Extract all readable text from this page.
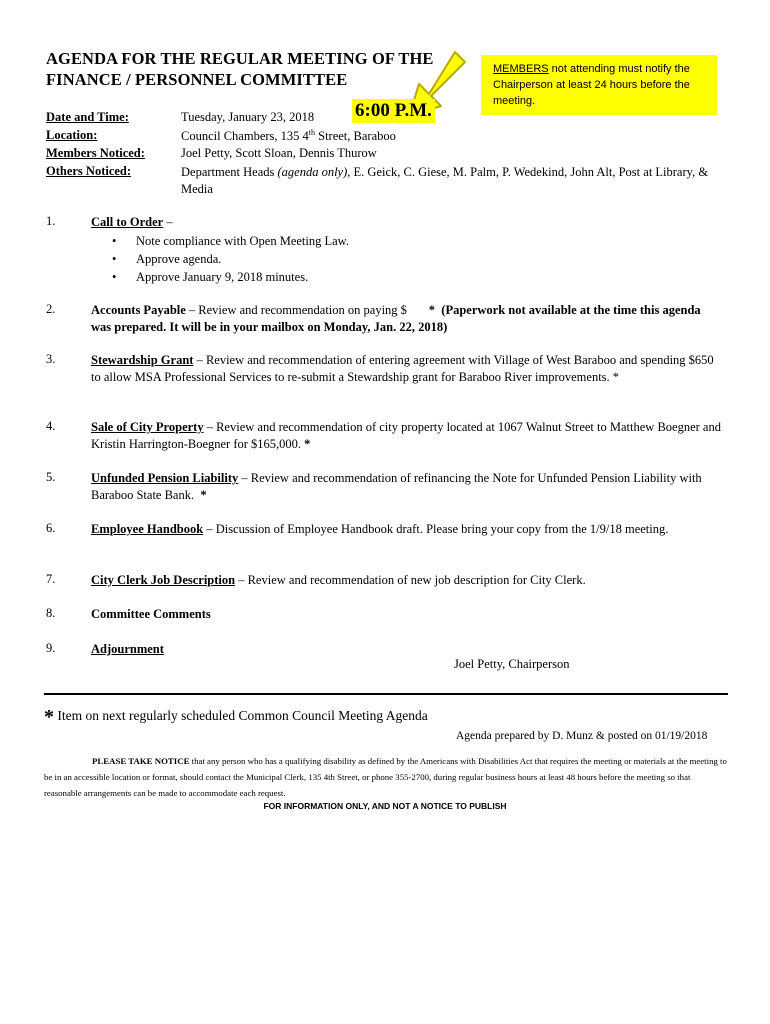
AGENDA FOR THE REGULAR MEETING OF THE
FINANCE / PERSONNEL COMMITTEE
MEMBERS not attending must notify the Chairperson at least 24 hours before the meeting.
Date and Time:	Tuesday, January 23, 2018 6:00 P.M.
Location:	Council Chambers, 135 4th Street, Baraboo
Members Noticed:	Joel Petty, Scott Sloan, Dennis Thurow
Others Noticed:	Department Heads (agenda only), E. Geick, C. Giese, M. Palm, P. Wedekind, John Alt, Post at Library, & Media
1.	Call to Order –
• Note compliance with Open Meeting Law.
• Approve agenda.
• Approve January 9, 2018 minutes.
2.	Accounts Payable – Review and recommendation on paying $       *  (Paperwork not available at the time this agenda was prepared. It will be in your mailbox on Monday, Jan. 22, 2018)
3.	Stewardship Grant – Review and recommendation of entering agreement with Village of West Baraboo and spending $650 to allow MSA Professional Services to re-submit a Stewardship grant for Baraboo River improvements. *
4.	Sale of City Property – Review and recommendation of city property located at 1067 Walnut Street to Matthew Boegner and Kristin Harrington-Boegner for $165,000. *
5.	Unfunded Pension Liability – Review and recommendation of refinancing the Note for Unfunded Pension Liability with Baraboo State Bank.  *
6.	Employee Handbook – Discussion of Employee Handbook draft. Please bring your copy from the 1/9/18 meeting.
7.	City Clerk Job Description – Review and recommendation of new job description for City Clerk.
8.	Committee Comments
9.	Adjournment
Joel Petty, Chairperson
* Item on next regularly scheduled Common Council Meeting Agenda
Agenda prepared by D. Munz & posted on 01/19/2018
PLEASE TAKE NOTICE that any person who has a qualifying disability as defined by the Americans with Disabilities Act that requires the meeting or materials at the meeting to be in an accessible location or format, should contact the Municipal Clerk, 135 4th Street, or phone 355-2700, during regular business hours at least 48 hours before the meeting so that reasonable arrangements can be made to accommodate each request.
FOR INFORMATION ONLY, AND NOT A NOTICE TO PUBLISH
